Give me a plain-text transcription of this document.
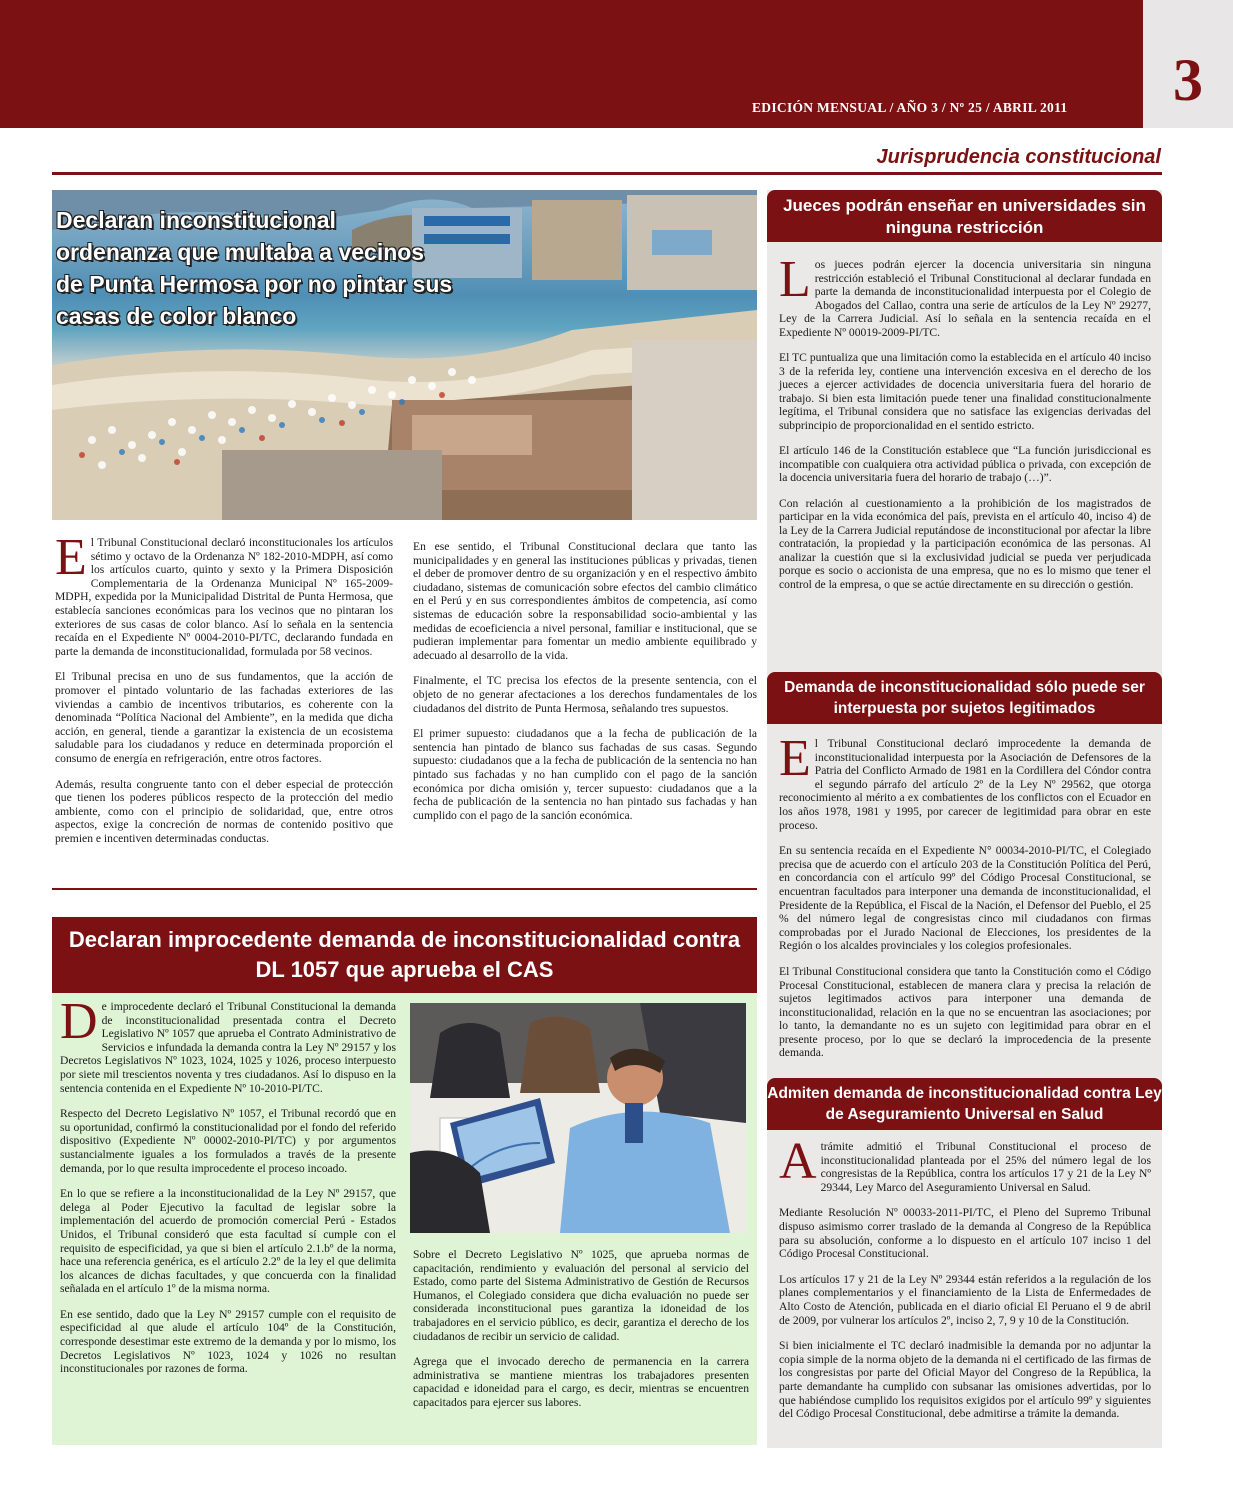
EDICIÓN MENSUAL / AÑO 3 / Nº 25 / ABRIL 2011	3
Jurisprudencia constitucional
Declaran inconstitucional ordenanza que multaba a vecinos de Punta Hermosa por no pintar sus casas de color blanco

El Tribunal Constitucional declaró inconstitucionales los artículos sétimo y octavo de la Ordenanza Nº 182-2010-MDPH, así como los artículos cuarto, quinto y sexto y la Primera Disposición Complementaria de la Ordenanza Municipal Nº 165-2009-MDPH, expedida por la Municipalidad Distrital de Punta Hermosa, que establecía sanciones económicas para los vecinos que no pintaran los exteriores de sus casas de color blanco. Así lo señala en la sentencia recaída en el Expediente Nº 0004-2010-PI/TC, declarando fundada en parte la demanda de inconstitucionalidad, formulada por 58 vecinos.

El Tribunal precisa en uno de sus fundamentos, que la acción de promover el pintado voluntario de las fachadas exteriores de las viviendas a cambio de incentivos tributarios, es coherente con la denominada “Política Nacional del Ambiente”, en la medida que dicha acción, en general, tiende a garantizar la existencia de un ecosistema saludable para los ciudadanos y reduce en determinada proporción el consumo de energía en refrigeración, entre otros factores.

Además, resulta congruente tanto con el deber especial de protección que tienen los poderes públicos respecto de la protección del medio ambiente, como con el principio de solidaridad, que, entre otros aspectos, exige la concreción de normas de contenido positivo que premien e incentiven determinadas conductas.

En ese sentido, el Tribunal Constitucional declara que tanto las municipalidades y en general las instituciones públicas y privadas, tienen el deber de promover dentro de su organización y en el respectivo ámbito ciudadano, sistemas de comunicación sobre efectos del cambio climático en el Perú y en sus correspondientes ámbitos de competencia, así como sistemas de educación sobre la responsabilidad socio-ambiental y las medidas de ecoeficiencia a nivel personal, familiar e institucional, que se pudieran implementar para fomentar un medio ambiente equilibrado y adecuado al desarrollo de la vida.

Finalmente, el TC precisa los efectos de la presente sentencia, con el objeto de no generar afectaciones a los derechos fundamentales de los ciudadanos del distrito de Punta Hermosa, señalando tres supuestos.

El primer supuesto: ciudadanos que a la fecha de publicación de la sentencia han pintado de blanco sus fachadas de sus casas. Segundo supuesto: ciudadanos que a la fecha de publicación de la sentencia no han pintado sus fachadas y no han cumplido con el pago de la sanción económica por dicha omisión y, tercer supuesto: ciudadanos que a la fecha de publicación de la sentencia no han pintado sus fachadas y han cumplido con el pago de la sanción económica.

Declaran improcedente demanda de inconstitucionalidad contra DL 1057 que aprueba el CAS

De improcedente declaró el Tribunal Constitucional la demanda de inconstitucionalidad presentada contra el Decreto Legislativo Nº 1057 que aprueba el Contrato Administrativo de Servicios e infundada la demanda contra la Ley Nº 29157 y los Decretos Legislativos Nº 1023, 1024, 1025 y 1026, proceso interpuesto por siete mil trescientos noventa y tres ciudadanos. Así lo dispuso en la sentencia contenida en el Expediente Nº 10-2010-PI/TC.

Respecto del Decreto Legislativo Nº 1057, el Tribunal recordó que en su oportunidad, confirmó la constitucionalidad por el fondo del referido dispositivo (Expediente Nº 00002-2010-PI/TC) y por argumentos sustancialmente iguales a los formulados a través de la presente demanda, por lo que resulta improcedente el proceso incoado.

En lo que se refiere a la inconstitucionalidad de la Ley Nº 29157, que delega al Poder Ejecutivo la facultad de legislar sobre la implementación del acuerdo de promoción comercial Perú - Estados Unidos, el Tribunal consideró que esta facultad sí cumple con el requisito de especificidad, ya que si bien el artículo 2.1.bº de la norma, hace una referencia genérica, es el artículo 2.2º de la ley el que delimita los alcances de dichas facultades, y que concuerda con la finalidad señalada en el artículo 1º de la misma norma.

En ese sentido, dado que la Ley Nº 29157 cumple con el requisito de especificidad al que alude el artículo 104º de la Constitución, corresponde desestimar este extremo de la demanda y por lo mismo, los Decretos Legislativos Nº 1023, 1024 y 1026 no resultan inconstitucionales por razones de forma.

Sobre el Decreto Legislativo Nº 1025, que aprueba normas de capacitación, rendimiento y evaluación del personal al servicio del Estado, como parte del Sistema Administrativo de Gestión de Recursos Humanos, el Colegiado considera que dicha evaluación no puede ser considerada inconstitucional pues garantiza la idoneidad de los trabajadores en el servicio público, es decir, garantiza el derecho de los ciudadanos de recibir un servicio de calidad.

Agrega que el invocado derecho de permanencia en la carrera administrativa se mantiene mientras los trabajadores presenten capacidad e idoneidad para el cargo, es decir, mientras se encuentren capacitados para ejercer sus labores.

Jueces podrán enseñar en universidades sin ninguna restricción

Los jueces podrán ejercer la docencia universitaria sin ninguna restricción estableció el Tribunal Constitucional al declarar fundada en parte la demanda de inconstitucionalidad interpuesta por el Colegio de Abogados del Callao, contra una serie de artículos de la Ley Nº 29277, Ley de la Carrera Judicial. Así lo señala en la sentencia recaída en el Expediente Nº 00019-2009-PI/TC.

El TC puntualiza que una limitación como la establecida en el artículo 40 inciso 3 de la referida ley, contiene una intervención excesiva en el derecho de los jueces a ejercer actividades de docencia universitaria fuera del horario de trabajo. Si bien esta limitación puede tener una finalidad constitucionalmente legítima, el Tribunal considera que no satisface las exigencias derivadas del subprincipio de proporcionalidad en el sentido estricto.

El artículo 146 de la Constitución establece que “La función jurisdiccional es incompatible con cualquiera otra actividad pública o privada, con excepción de la docencia universitaria fuera del horario de trabajo (…)”.

Con relación al cuestionamiento a la prohibición de los magistrados de participar en la vida económica del país, prevista en el artículo 40, inciso 4) de la Ley de la Carrera Judicial reputándose de inconstitucional por afectar la libre contratación, la propiedad y la participación económica de las personas. Al analizar la cuestión que si la exclusividad judicial se pueda ver perjudicada porque es socio o accionista de una empresa, que no es lo mismo que tener el control de la empresa, o que se actúe directamente en su dirección o gestión.

Demanda de inconstitucionalidad sólo puede ser interpuesta por sujetos legitimados

El Tribunal Constitucional declaró improcedente la demanda de inconstitucionalidad interpuesta por la Asociación de Defensores de la Patria del Conflicto Armado de 1981 en la Cordillera del Cóndor contra el segundo párrafo del artículo 2º de la Ley Nº 29562, que otorga reconocimiento al mérito a ex combatientes de los conflictos con el Ecuador en los años 1978, 1981 y 1995, por carecer de legitimidad para obrar en este proceso.

En su sentencia recaída en el Expediente N° 00034-2010-PI/TC, el Colegiado precisa que de acuerdo con el artículo 203 de la Constitución Política del Perú, en concordancia con el artículo 99º del Código Procesal Constitucional, se encuentran facultados para interponer una demanda de inconstitucionalidad, el Presidente de la República, el Fiscal de la Nación, el Defensor del Pueblo, el 25 % del número legal de congresistas cinco mil ciudadanos con firmas comprobadas por el Jurado Nacional de Elecciones, los presidentes de la Región o los alcaldes provinciales y los colegios profesionales.

El Tribunal Constitucional considera que tanto la Constitución como el Código Procesal Constitucional, establecen de manera clara y precisa la relación de sujetos legitimados activos para interponer una demanda de inconstitucionalidad, relación en la que no se encuentran las asociaciones; por lo tanto, la demandante no es un sujeto con legitimidad para obrar en el presente proceso, por lo que se declaró la improcedencia de la presente demanda.

Admiten demanda de inconstitucionalidad contra Ley de Aseguramiento Universal en Salud

A trámite admitió el Tribunal Constitucional el proceso de inconstitucionalidad planteada por el 25% del número legal de los congresistas de la República, contra los artículos 17 y 21 de la Ley Nº 29344, Ley Marco del Aseguramiento Universal en Salud.

Mediante Resolución Nº 00033-2011-PI/TC, el Pleno del Supremo Tribunal dispuso asimismo correr traslado de la demanda al Congreso de la República para su absolución, conforme a lo dispuesto en el artículo 107 inciso 1 del Código Procesal Constitucional.

Los artículos 17 y 21 de la Ley Nº 29344 están referidos a la regulación de los planes complementarios y el financiamiento de la Lista de Enfermedades de Alto Costo de Atención, publicada en el diario oficial El Peruano el 9 de abril de 2009, por vulnerar los artículos 2º, inciso 2, 7, 9 y 10 de la Constitución.

Si bien inicialmente el TC declaró inadmisible la demanda por no adjuntar la copia simple de la norma objeto de la demanda ni el certificado de las firmas de los congresistas por parte del Oficial Mayor del Congreso de la República, la parte demandante ha cumplido con subsanar las omisiones advertidas, por lo que habiéndose cumplido los requisitos exigidos por el artículo 99º y siguientes del Código Procesal Constitucional, debe admitirse a trámite la demanda.
